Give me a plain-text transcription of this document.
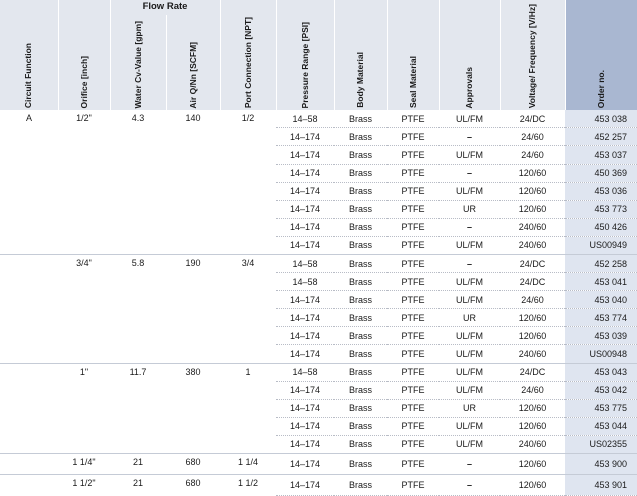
Circuit Function	Orifice [inch]	Flow Rate		Port Connection [NPT]	Pressure Range [PSI]	Body Material	Seal Material	Approvals	Voltage/ Frequency [V/Hz]	Order no.
		Water Cv-Value [gpm]	Air Q/Nn [SCFM]							
A	1/2"	4.3	140	1/2	14–58	Brass	PTFE	UL/FM	24/DC	453 038
					14–174	Brass	PTFE	–	24/60	452 257
					14–174	Brass	PTFE	UL/FM	24/60	453 037
					14–174	Brass	PTFE	–	120/60	450 369
					14–174	Brass	PTFE	UL/FM	120/60	453 036
					14–174	Brass	PTFE	UR	120/60	453 773
					14–174	Brass	PTFE	–	240/60	450 426
					14–174	Brass	PTFE	UL/FM	240/60	US00949
	3/4"	5.8	190	3/4	14–58	Brass	PTFE	–	24/DC	452 258
					14–58	Brass	PTFE	UL/FM	24/DC	453 041
					14–174	Brass	PTFE	UL/FM	24/60	453 040
					14–174	Brass	PTFE	UR	120/60	453 774
					14–174	Brass	PTFE	UL/FM	120/60	453 039
					14–174	Brass	PTFE	UL/FM	240/60	US00948
	1"	11.7	380	1	14–58	Brass	PTFE	UL/FM	24/DC	453 043
					14–174	Brass	PTFE	UL/FM	24/60	453 042
					14–174	Brass	PTFE	UR	120/60	453 775
					14–174	Brass	PTFE	UL/FM	120/60	453 044
					14–174	Brass	PTFE	UL/FM	240/60	US02355
	1 1/4"	21	680	1 1/4	14–174	Brass	PTFE	–	120/60	453 900
	1 1/2"	21	680	1 1/2	14–174	Brass	PTFE	–	120/60	453 901
